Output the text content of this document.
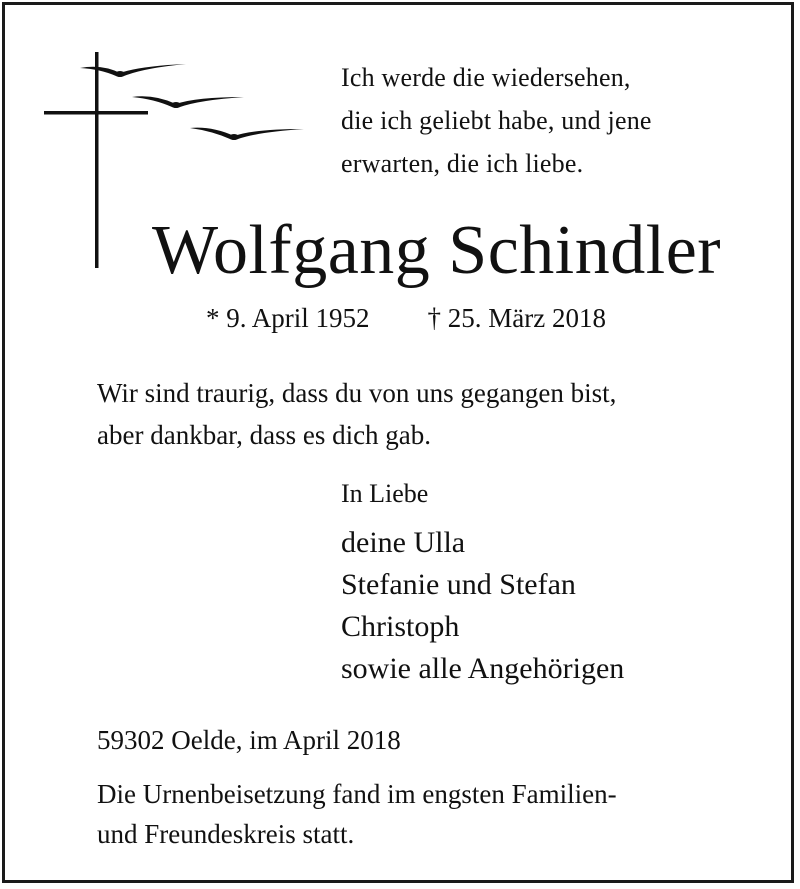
Ich werde die wiedersehen,
die ich geliebt habe, und jene
erwarten, die ich liebe.
Wolfgang Schindler
* 9. April 1952 † 25. März 2018
Wir sind traurig, dass du von uns gegangen bist,
aber dankbar, dass es dich gab.
In Liebe
deine Ulla
Stefanie und Stefan
Christoph
sowie alle Angehörigen
59302 Oelde, im April 2018
Die Urnenbeisetzung fand im engsten Familien-
und Freundeskreis statt.
